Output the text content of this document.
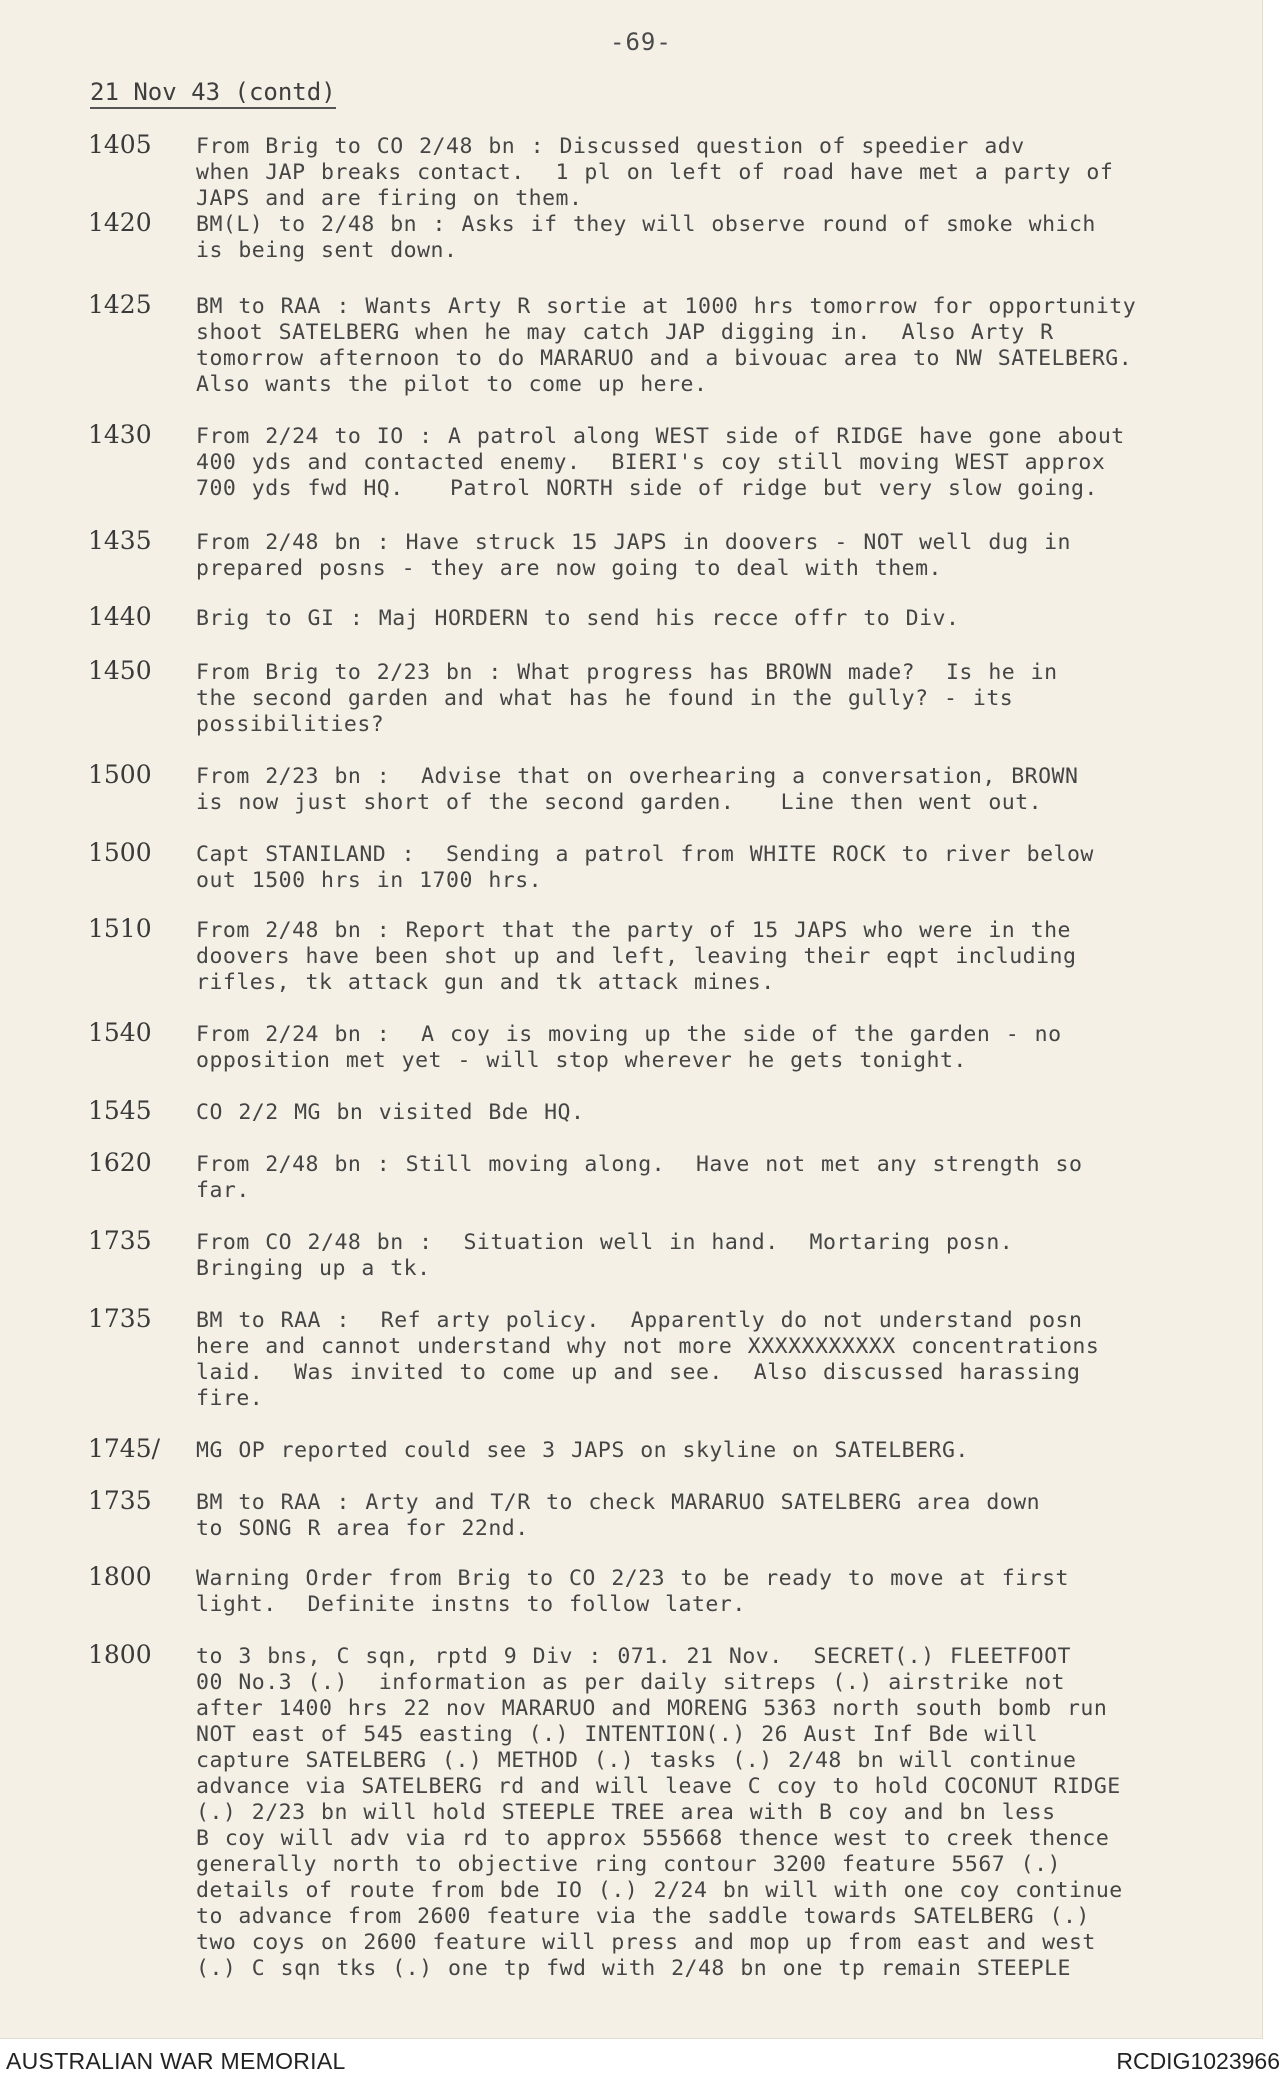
-69-
21 Nov 43 (contd)
1405 From Brig to CO 2/48 bn : Discussed question of speedier adv
when JAP breaks contact.  1 pl on left of road have met a party of
JAPS and are firing on them.
1420 BM(L) to 2/48 bn : Asks if they will observe round of smoke which
is being sent down.
1425 BM to RAA : Wants Arty R sortie at 1000 hrs tomorrow for opportunity
shoot SATELBERG when he may catch JAP digging in.  Also Arty R
tomorrow afternoon to do MARARUO and a bivouac area to NW SATELBERG.
Also wants the pilot to come up here.
1430 From 2/24 to IO : A patrol along WEST side of RIDGE have gone about
400 yds and contacted enemy.  BIERI's coy still moving WEST approx
700 yds fwd HQ.   Patrol NORTH side of ridge but very slow going.
1435 From 2/48 bn : Have struck 15 JAPS in doovers - NOT well dug in
prepared posns - they are now going to deal with them.
1440 Brig to GI : Maj HORDERN to send his recce offr to Div.
1450 From Brig to 2/23 bn : What progress has BROWN made?  Is he in
the second garden and what has he found in the gully? - its
possibilities?
1500 From 2/23 bn :  Advise that on overhearing a conversation, BROWN
is now just short of the second garden.   Line then went out.
1500 Capt STANILAND :  Sending a patrol from WHITE ROCK to river below
out 1500 hrs in 1700 hrs.
1510 From 2/48 bn : Report that the party of 15 JAPS who were in the
doovers have been shot up and left, leaving their eqpt including
rifles, tk attack gun and tk attack mines.
1540 From 2/24 bn :  A coy is moving up the side of the garden - no
opposition met yet - will stop wherever he gets tonight.
1545 CO 2/2 MG bn visited Bde HQ.
1620 From 2/48 bn : Still moving along.  Have not met any strength so
far.
1735 From CO 2/48 bn :  Situation well in hand.  Mortaring posn.
Bringing up a tk.
1735 BM to RAA :  Ref arty policy.  Apparently do not understand posn
here and cannot understand why not more XXXXXXXXXXX concentrations
laid.  Was invited to come up and see.  Also discussed harassing
fire.
1745/ MG OP reported could see 3 JAPS on skyline on SATELBERG.
1735 BM to RAA : Arty and T/R to check MARARUO SATELBERG area down
to SONG R area for 22nd.
1800 Warning Order from Brig to CO 2/23 to be ready to move at first
light.  Definite instns to follow later.
1800 to 3 bns, C sqn, rptd 9 Div : 071. 21 Nov.  SECRET(.) FLEETFOOT
00 No.3 (.)  information as per daily sitreps (.) airstrike not
after 1400 hrs 22 nov MARARUO and MORENG 5363 north south bomb run
NOT east of 545 easting (.) INTENTION(.) 26 Aust Inf Bde will
capture SATELBERG (.) METHOD (.) tasks (.) 2/48 bn will continue
advance via SATELBERG rd and will leave C coy to hold COCONUT RIDGE
(.) 2/23 bn will hold STEEPLE TREE area with B coy and bn less
B coy will adv via rd to approx 555668 thence west to creek thence
generally north to objective ring contour 3200 feature 5567 (.)
details of route from bde IO (.) 2/24 bn will with one coy continue
to advance from 2600 feature via the saddle towards SATELBERG (.)
two coys on 2600 feature will press and mop up from east and west
(.) C sqn tks (.) one tp fwd with 2/48 bn one tp remain STEEPLE
AUSTRALIAN WAR MEMORIAL	RCDIG1023966
